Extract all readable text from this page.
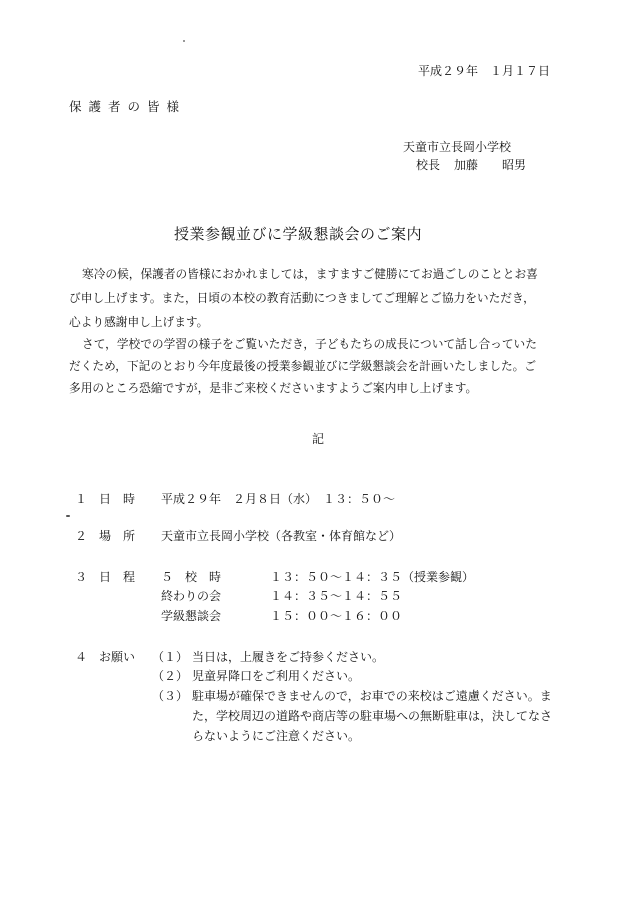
平成２９年　１月１７日
保護者の皆様
天童市立長岡小学校
校長 加藤 昭男
授業参観並びに学級懇談会のご案内
寒冷の候，保護者の皆様におかれましては，ますますご健勝にてお過ごしのこととお喜
び申し上げます。また，日頃の本校の教育活動につきましてご理解とご協力をいただき，
心より感謝申し上げます。
さて，学校での学習の様子をご覧いただき，子どもたちの成長について話し合っていた
だくため，下記のとおり今年度最後の授業参観並びに学級懇談会を計画いたしました。ご
多用のところ恐縮ですが，是非ご来校くださいますようご案内申し上げます。
記
１ 日　時 平成２９年　２月８日（水）　１３：５０～
２ 場　所 天童市立長岡小学校（各教室・体育館など）
３ 日　程 ５　校　時	１３：５０～１４：３５（授業参観）
終わりの会	１４：３５～１４：５５
学級懇談会	１５：００～１６：００
４ お願い （１） 当日は，上履きをご持参ください。
（２） 児童昇降口をご利用ください。
（３） 駐車場が確保できませんので，お車での来校はご遠慮ください。ま
た，学校周辺の道路や商店等の駐車場への無断駐車は，決してなさ
らないようにご注意ください。
